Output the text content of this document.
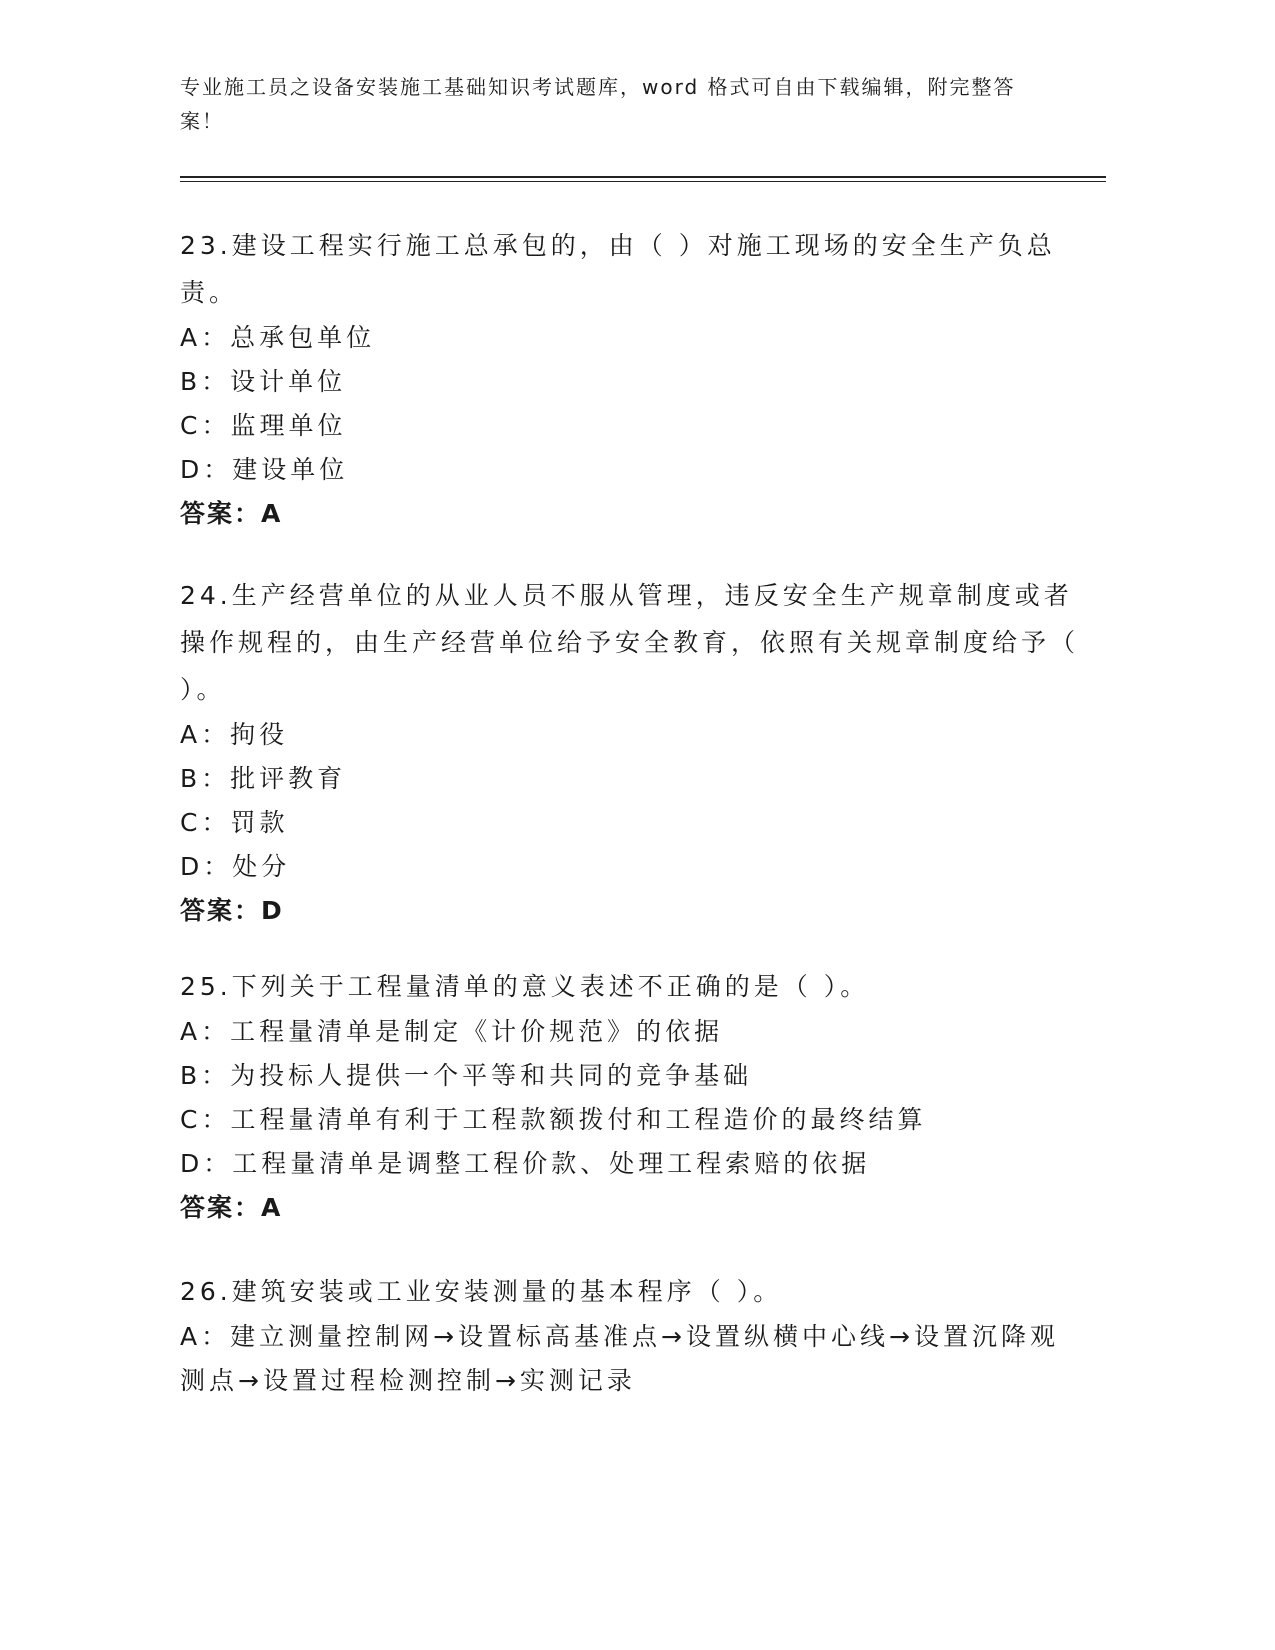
专业施工员之设备安装施工基础知识考试题库，word 格式可自由下载编辑，附完整答案！

23.建设工程实行施工总承包的，由（ ）对施工现场的安全生产负总责。

A：总承包单位

B：设计单位

C：监理单位

D：建设单位

答案：A

24.生产经营单位的从业人员不服从管理，违反安全生产规章制度或者操作规程的，由生产经营单位给予安全教育，依照有关规章制度给予（ ）。

A：拘役

B：批评教育

C：罚款

D：处分

答案：D

25.下列关于工程量清单的意义表述不正确的是（ ）。

A：工程量清单是制定《计价规范》的依据

B：为投标人提供一个平等和共同的竞争基础

C：工程量清单有利于工程款额拨付和工程造价的最终结算

D：工程量清单是调整工程价款、处理工程索赔的依据

答案：A

26.建筑安装或工业安装测量的基本程序（ ）。

A：建立测量控制网→设置标高基准点→设置纵横中心线→设置沉降观测点→设置过程检测控制→实测记录
